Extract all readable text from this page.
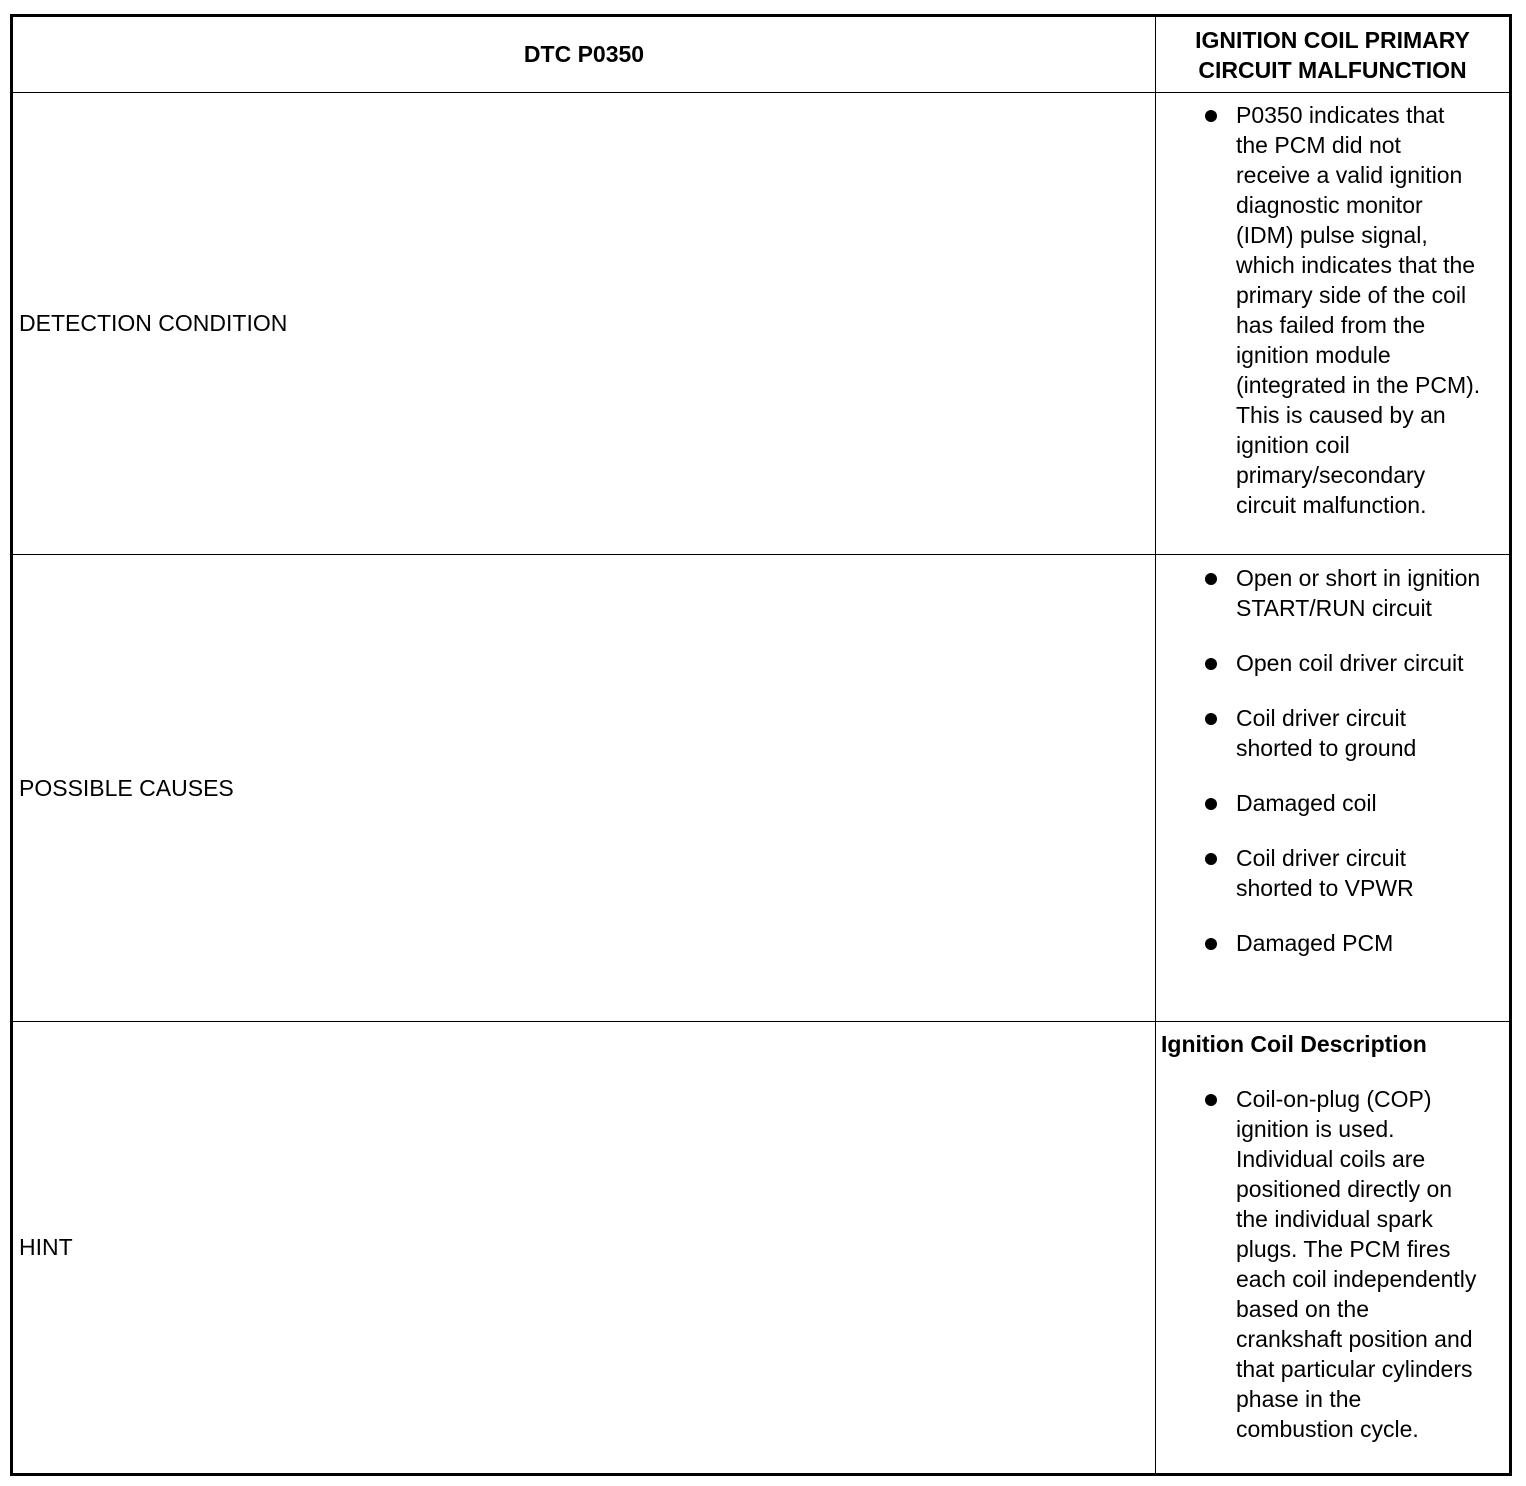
DTC P0350
IGNITION COIL PRIMARY CIRCUIT MALFUNCTION
DETECTION CONDITION
P0350 indicates that the PCM did not receive a valid ignition diagnostic monitor (IDM) pulse signal, which indicates that the primary side of the coil has failed from the ignition module (integrated in the PCM). This is caused by an ignition coil primary/secondary circuit malfunction.
POSSIBLE CAUSES
Open or short in ignition START/RUN circuit
Open coil driver circuit
Coil driver circuit shorted to ground
Damaged coil
Coil driver circuit shorted to VPWR
Damaged PCM
HINT
Ignition Coil Description
Coil-on-plug (COP) ignition is used. Individual coils are positioned directly on the individual spark plugs. The PCM fires each coil independently based on the crankshaft position and that particular cylinders phase in the combustion cycle.
